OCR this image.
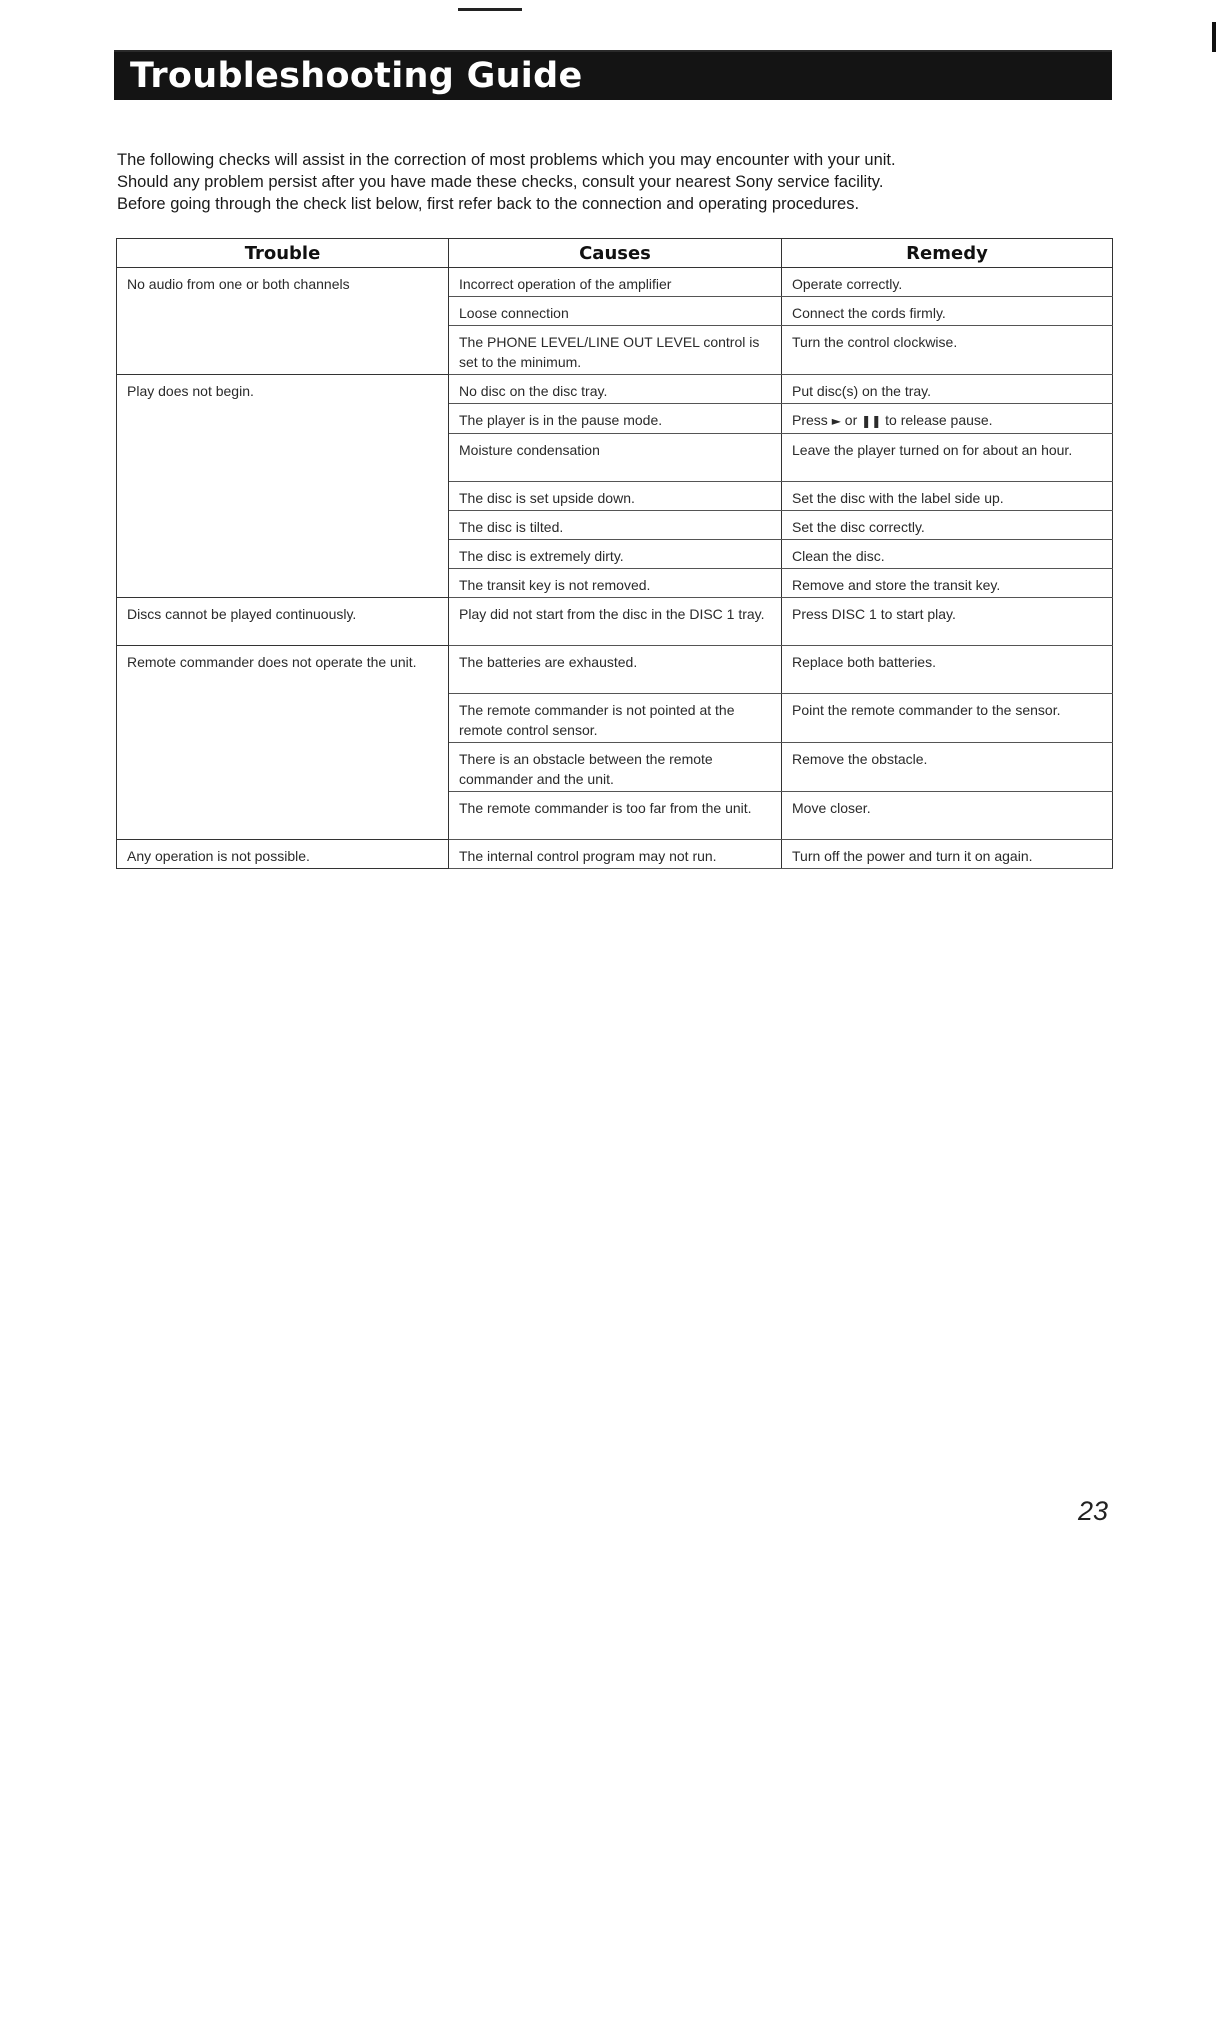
Troubleshooting Guide

The following checks will assist in the correction of most problems which you may encounter with your unit.

Should any problem persist after you have made these checks, consult your nearest Sony service facility.

Before going through the check list below, first refer back to the connection and operating procedures.

Trouble	Causes	Remedy
No audio from one or both channels	Incorrect operation of the amplifier	Operate correctly.
	Loose connection	Connect the cords firmly.
	The PHONE LEVEL/LINE OUT LEVEL control is set to the minimum.	Turn the control clockwise.
Play does not begin.	No disc on the disc tray.	Put disc(s) on the tray.
	The player is in the pause mode.	Press ► or ❚❚ to release pause.
	Moisture condensation	Leave the player turned on for about an hour.
	The disc is set upside down.	Set the disc with the label side up.
	The disc is tilted.	Set the disc correctly.
	The disc is extremely dirty.	Clean the disc.
	The transit key is not removed.	Remove and store the transit key.
Discs cannot be played continuously.	Play did not start from the disc in the DISC 1 tray.	Press DISC 1 to start play.
Remote commander does not operate the unit.	The batteries are exhausted.	Replace both batteries.
	The remote commander is not pointed at the remote control sensor.	Point the remote commander to the sensor.
	There is an obstacle between the remote commander and the unit.	Remove the obstacle.
	The remote commander is too far from the unit.	Move closer.
Any operation is not possible.	The internal control program may not run.	Turn off the power and turn it on again.
23
